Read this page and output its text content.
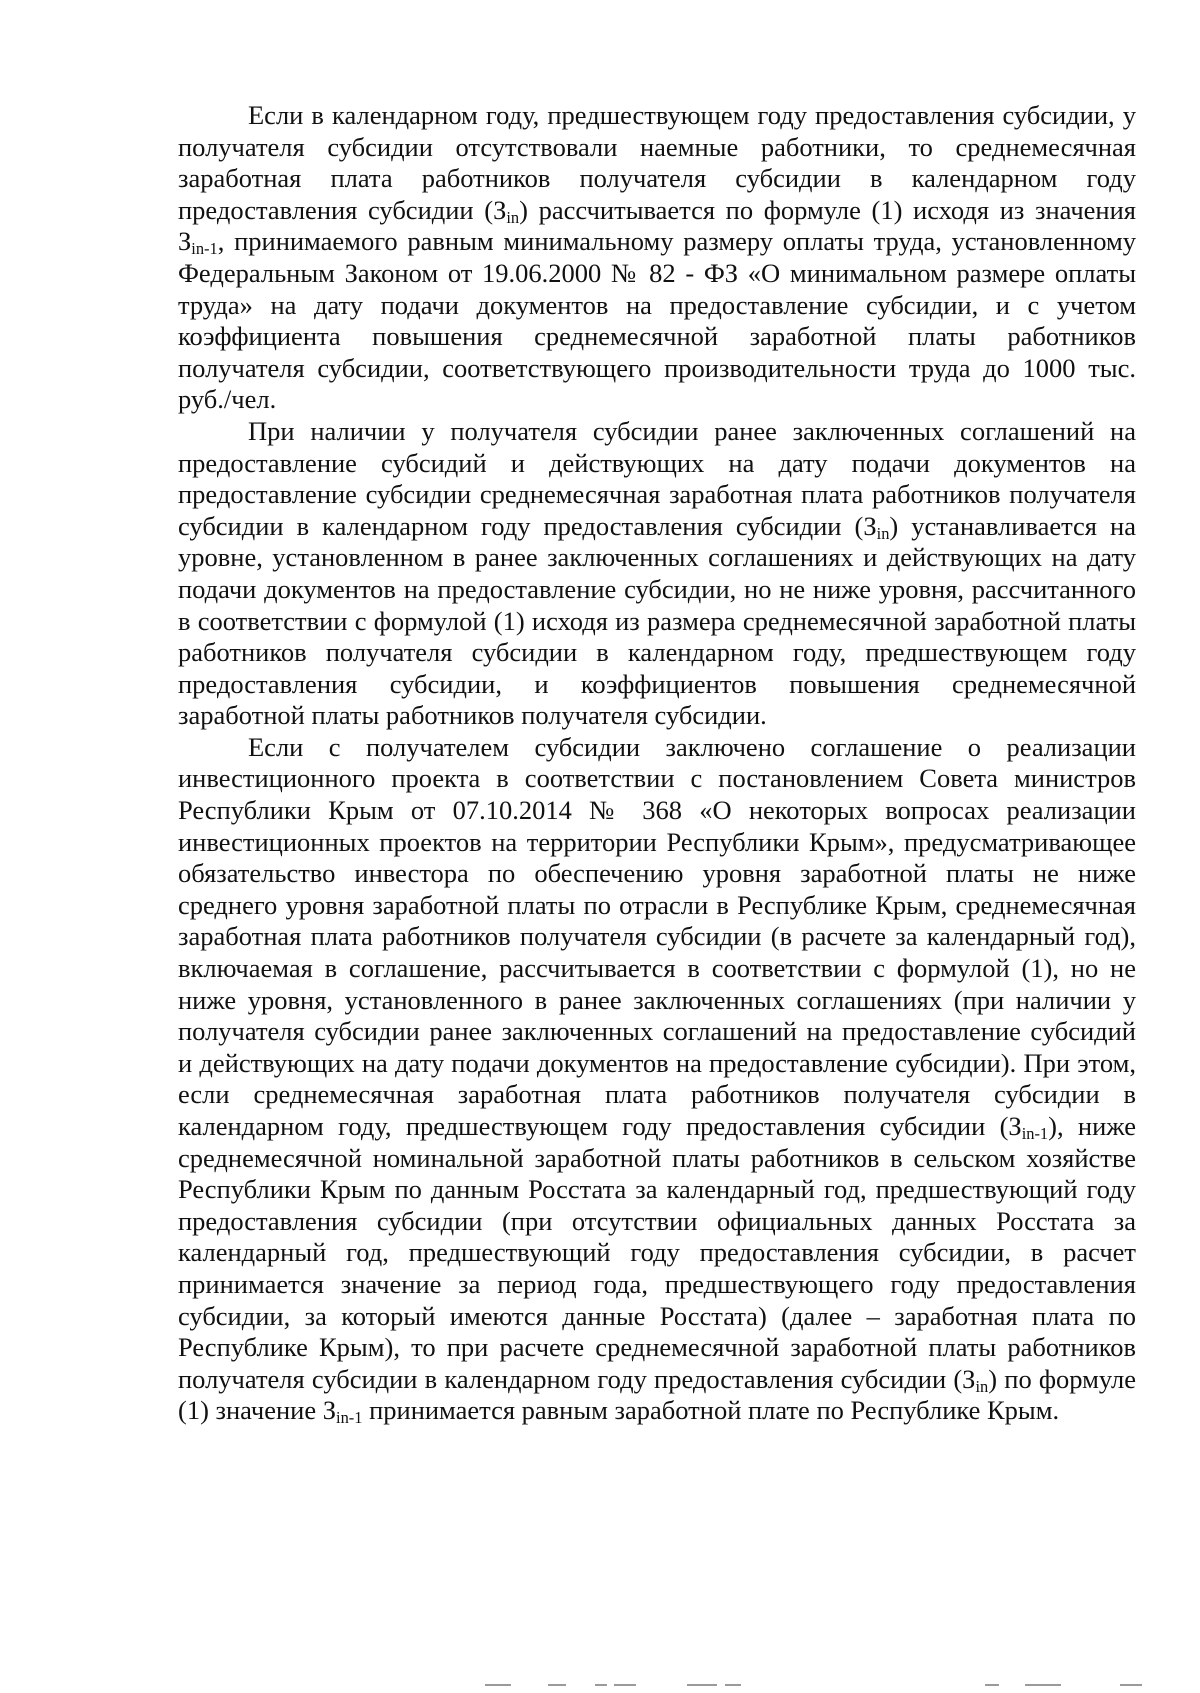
Если в календарном году, предшествующем году предоставления субсидии, у получателя субсидии отсутствовали наемные работники, то среднемесячная заработная плата работников получателя субсидии в календарном году предоставления субсидии $(З_{in})$ рассчитывается по формуле (1) исходя из значения $З_{in-1}$, принимаемого равным минимальному размеру оплаты труда, установленному Федеральным Законом от 19.06.2000 № 82 - ФЗ «О минимальном размере оплаты труда» на дату подачи документов на предоставление субсидии, и с учетом коэффициента повышения среднемесячной заработной платы работников получателя субсидии, соответствующего производительности труда до 1000 тыс. руб./чел.

При наличии у получателя субсидии ранее заключенных соглашений на предоставление субсидий и действующих на дату подачи документов на предоставление субсидии среднемесячная заработная плата работников получателя субсидии в календарном году предоставления субсидии $(З_{in})$ устанавливается на уровне, установленном в ранее заключенных соглашениях и действующих на дату подачи документов на предоставление субсидии, но не ниже уровня, рассчитанного в соответствии с формулой (1) исходя из размера среднемесячной заработной платы работников получателя субсидии в календарном году, предшествующем году предоставления субсидии, и коэффициентов повышения среднемесячной заработной платы работников получателя субсидии.

Если с получателем субсидии заключено соглашение о реализации инвестиционного проекта в соответствии с постановлением Совета министров Республики Крым от 07.10.2014 № 368 «О некоторых вопросах реализации инвестиционных проектов на территории Республики Крым», предусматривающее обязательство инвестора по обеспечению уровня заработной платы не ниже среднего уровня заработной платы по отрасли в Республике Крым, среднемесячная заработная плата работников получателя субсидии (в расчете за календарный год), включаемая в соглашение, рассчитывается в соответствии с формулой (1), но не ниже уровня, установленного в ранее заключенных соглашениях (при наличии у получателя субсидии ранее заключенных соглашений на предоставление субсидий и действующих на дату подачи документов на предоставление субсидии). При этом, если среднемесячная заработная плата работников получателя субсидии в календарном году, предшествующем году предоставления субсидии $(З_{in-1})$, ниже среднемесячной номинальной заработной платы работников в сельском хозяйстве Республики Крым по данным Росстата за календарный год, предшествующий году предоставления субсидии (при отсутствии официальных данных Росстата за календарный год, предшествующий году предоставления субсидии, в расчет принимается значение за период года, предшествующего году предоставления субсидии, за который имеются данные Росстата) (далее – заработная плата по Республике Крым), то при расчете среднемесячной заработной платы работников получателя субсидии в календарном году предоставления субсидии $(З_{in})$ по формуле (1) значение $З_{in-1}$ принимается равным заработной плате по Республике Крым.
